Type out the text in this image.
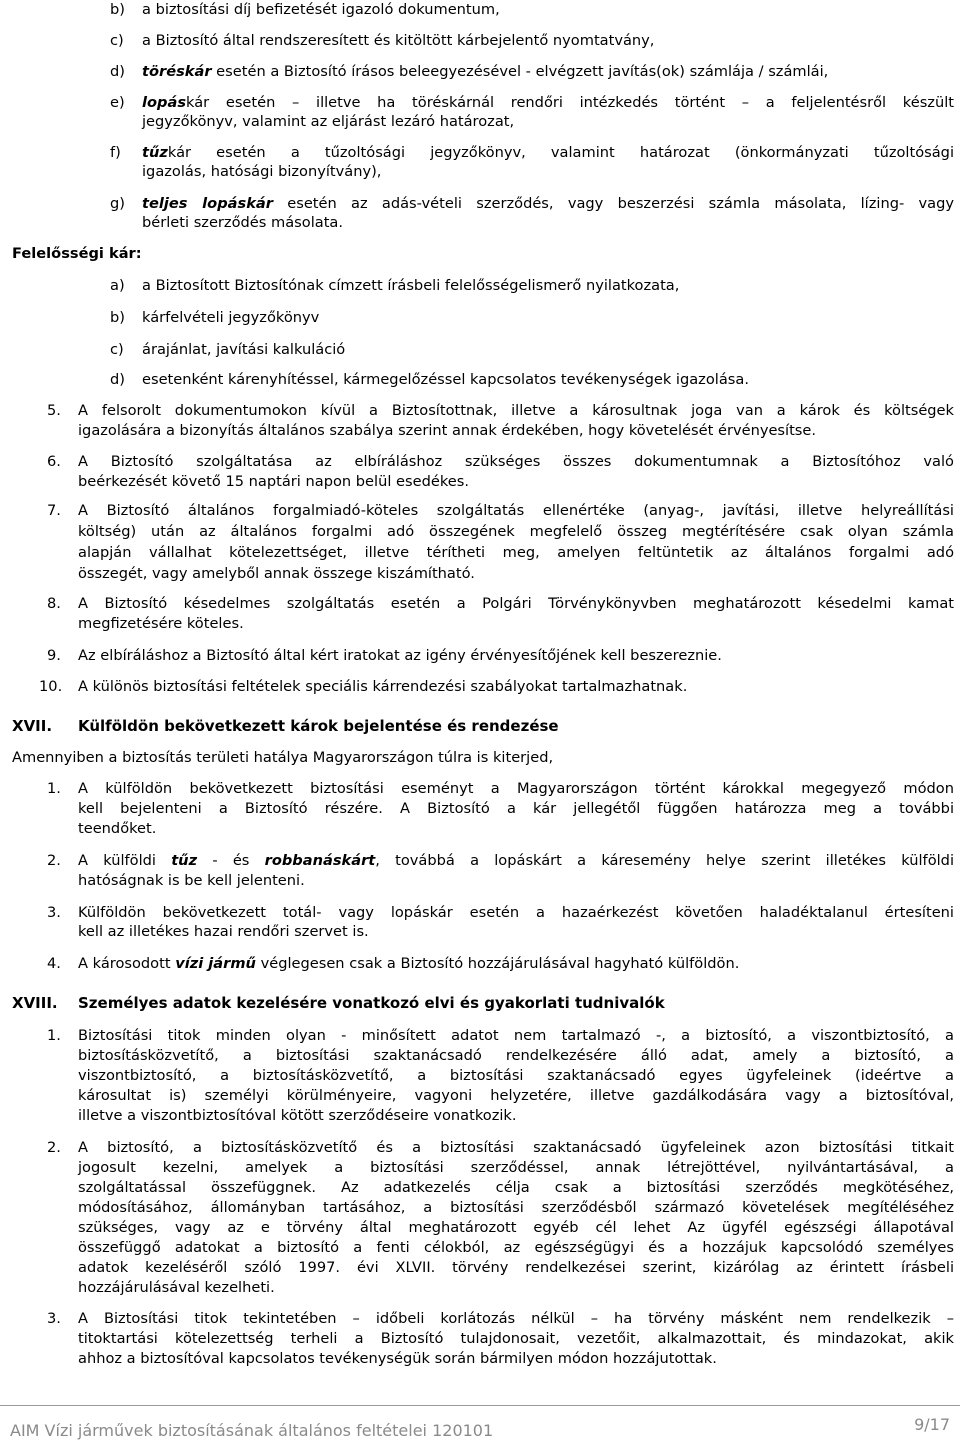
b) a biztosítási díj befizetését igazoló dokumentum,
c) a Biztosító által rendszeresített és kitöltött kárbejelentő nyomtatvány,
d) töréskár esetén a Biztosító írásos beleegyezésével - elvégzett javítás(ok) számlája / számlái,
e) lopáskár esetén – illetve ha töréskárnál rendőri intézkedés történt – a feljelentésről készült
jegyzőkönyv, valamint az eljárást lezáró határozat,
f) tűzkár esetén a tűzoltósági jegyzőkönyv, valamint határozat (önkormányzati tűzoltósági
igazolás, hatósági bizonyítvány),
g) teljes lopáskár esetén az adás-vételi szerződés, vagy beszerzési számla másolata, lízing- vagy
bérleti szerződés másolata.
Felelősségi kár:
a) a Biztosított Biztosítónak címzett írásbeli felelősségelismerő nyilatkozata,
b) kárfelvételi jegyzőkönyv
c) árajánlat, javítási kalkuláció
d) esetenként kárenyhítéssel, kármegelőzéssel kapcsolatos tevékenységek igazolása.
5. A felsorolt dokumentumokon kívül a Biztosítottnak, illetve a károsultnak joga van a károk és költségek
igazolására a bizonyítás általános szabálya szerint annak érdekében, hogy követelését érvényesítse.
6. A Biztosító szolgáltatása az elbíráláshoz szükséges összes dokumentumnak a Biztosítóhoz való
beérkezését követő 15 naptári napon belül esedékes.
7. A Biztosító általános forgalmiadó-köteles szolgáltatás ellenértéke (anyag-, javítási, illetve helyreállítási
költség) után az általános forgalmi adó összegének megfelelő összeg megtérítésére csak olyan számla
alapján vállalhat kötelezettséget, illetve térítheti meg, amelyen feltüntetik az általános forgalmi adó
összegét, vagy amelyből annak összege kiszámítható.
8. A Biztosító késedelmes szolgáltatás esetén a Polgári Törvénykönyvben meghatározott késedelmi kamat
megfizetésére köteles.
9. Az elbíráláshoz a Biztosító által kért iratokat az igény érvényesítőjének kell beszereznie.
10. A különös biztosítási feltételek speciális kárrendezési szabályokat tartalmazhatnak.
XVII. Külföldön bekövetkezett károk bejelentése és rendezése
Amennyiben a biztosítás területi hatálya Magyarországon túlra is kiterjed,
1. A külföldön bekövetkezett biztosítási eseményt a Magyarországon történt károkkal megegyező módon
kell bejelenteni a Biztosító részére. A Biztosító a kár jellegétől függően határozza meg a további
teendőket.
2. A külföldi tűz - és robbanáskárt, továbbá a lopáskárt a káresemény helye szerint illetékes külföldi
hatóságnak is be kell jelenteni.
3. Külföldön bekövetkezett totál- vagy lopáskár esetén a hazaérkezést követően haladéktalanul értesíteni
kell az illetékes hazai rendőri szervet is.
4. A károsodott vízi jármű véglegesen csak a Biztosító hozzájárulásával hagyható külföldön.
XVIII. Személyes adatok kezelésére vonatkozó elvi és gyakorlati tudnivalók
1. Biztosítási titok minden olyan - minősített adatot nem tartalmazó -, a biztosító, a viszontbiztosító, a
biztosításközvetítő, a biztosítási szaktanácsadó rendelkezésére álló adat, amely a biztosító, a
viszontbiztosító, a biztosításközvetítő, a biztosítási szaktanácsadó egyes ügyfeleinek (ideértve a
károsultat is) személyi körülményeire, vagyoni helyzetére, illetve gazdálkodására vagy a biztosítóval,
illetve a viszontbiztosítóval kötött szerződéseire vonatkozik.
2. A biztosító, a biztosításközvetítő és a biztosítási szaktanácsadó ügyfeleinek azon biztosítási titkait
jogosult kezelni, amelyek a biztosítási szerződéssel, annak létrejöttével, nyilvántartásával, a
szolgáltatással összefüggnek. Az adatkezelés célja csak a biztosítási szerződés megkötéséhez,
módosításához, állományban tartásához, a biztosítási szerződésből származó követelések megítéléséhez
szükséges, vagy az e törvény által meghatározott egyéb cél lehet Az ügyfél egészségi állapotával
összefüggő adatokat a biztosító a fenti célokból, az egészségügyi és a hozzájuk kapcsolódó személyes
adatok kezeléséről szóló 1997. évi XLVII. törvény rendelkezései szerint, kizárólag az érintett írásbeli
hozzájárulásával kezelheti.
3. A Biztosítási titok tekintetében – időbeli korlátozás nélkül – ha törvény másként nem rendelkezik –
titoktartási kötelezettség terheli a Biztosító tulajdonosait, vezetőit, alkalmazottait, és mindazokat, akik
ahhoz a biztosítóval kapcsolatos tevékenységük során bármilyen módon hozzájutottak.
AIM Vízi járművek biztosításának általános feltételei 120101	9/17
